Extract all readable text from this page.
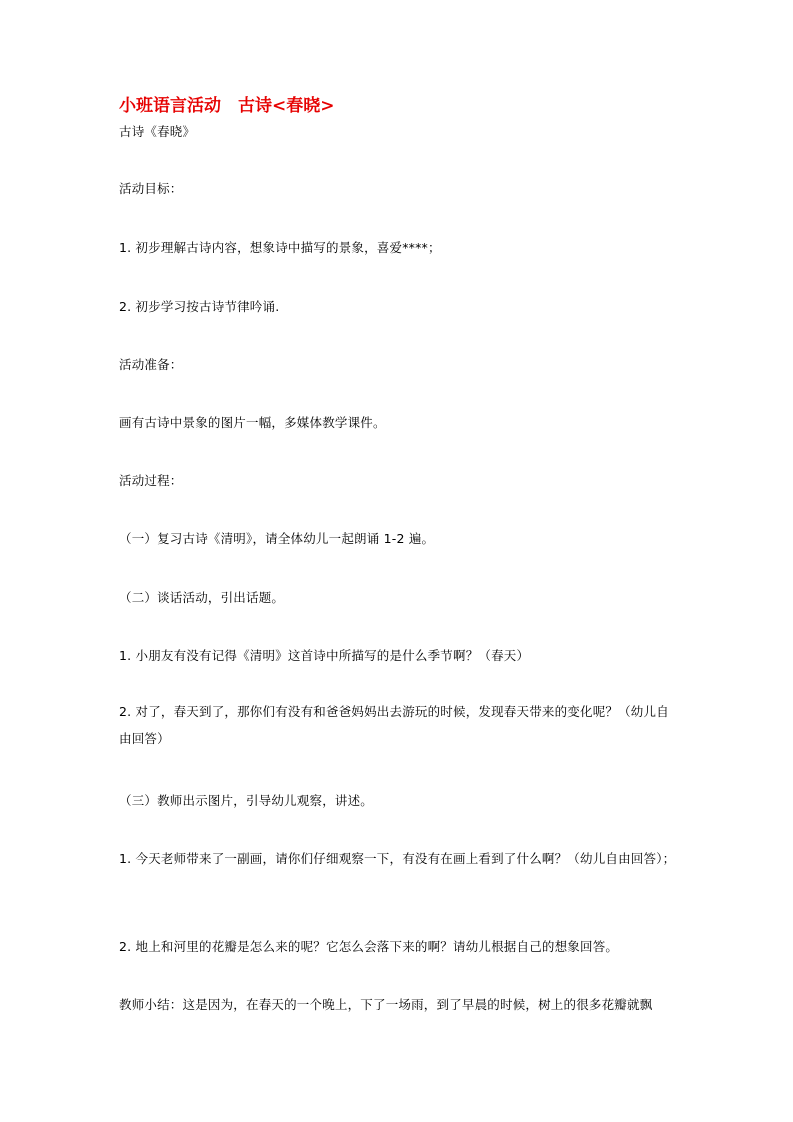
小班语言活动　古诗<春晓>
古诗《春晓》
活动目标：
1. 初步理解古诗内容，想象诗中描写的景象，喜爱****；
2. 初步学习按古诗节律吟诵.
活动准备：
画有古诗中景象的图片一幅，多媒体教学课件。
活动过程：
（一）复习古诗《清明》，请全体幼儿一起朗诵 1-2 遍。
（二）谈话活动，引出话题。
1. 小朋友有没有记得《清明》这首诗中所描写的是什么季节啊？（春天）
2. 对了，春天到了，那你们有没有和爸爸妈妈出去游玩的时候，发现春天带来的变化呢？（幼儿自由回答）
（三）教师出示图片，引导幼儿观察，讲述。
1. 今天老师带来了一副画，请你们仔细观察一下，有没有在画上看到了什么啊？（幼儿自由回答）；
2. 地上和河里的花瓣是怎么来的呢？它怎么会落下来的啊？请幼儿根据自己的想象回答。
教师小结：这是因为，在春天的一个晚上，下了一场雨，到了早晨的时候，树上的很多花瓣就飘
